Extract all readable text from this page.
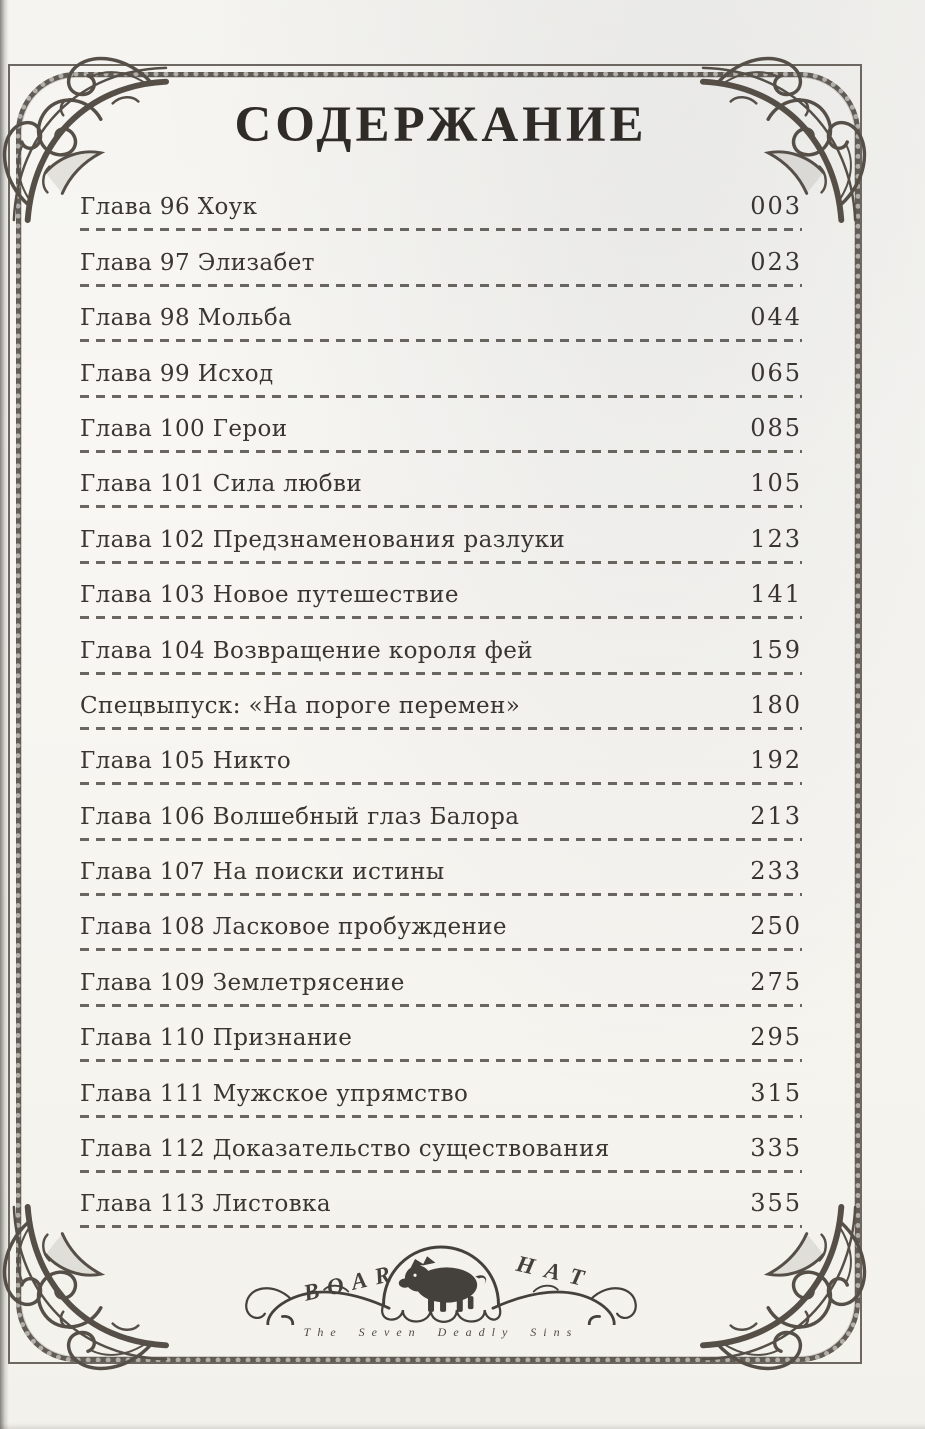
СОДЕРЖАНИЕ
Глава 96 Хоук	003
Глава 97 Элизабет	023
Глава 98 Мольба	044
Глава 99 Исход	065
Глава 100 Герои	085
Глава 101 Сила любви	105
Глава 102 Предзнаменования разлуки	123
Глава 103 Новое путешествие	141
Глава 104 Возвращение короля фей	159
Спецвыпуск: «На пороге перемен»	180
Глава 105 Никто	192
Глава 106 Волшебный глаз Балора	213
Глава 107 На поиски истины	233
Глава 108 Ласковое пробуждение	250
Глава 109 Землетрясение	275
Глава 110 Признание	295
Глава 111 Мужское упрямство	315
Глава 112 Доказательство существования	335
Глава 113 Листовка	355
BOAR	HAT
The Seven Deadly Sins
